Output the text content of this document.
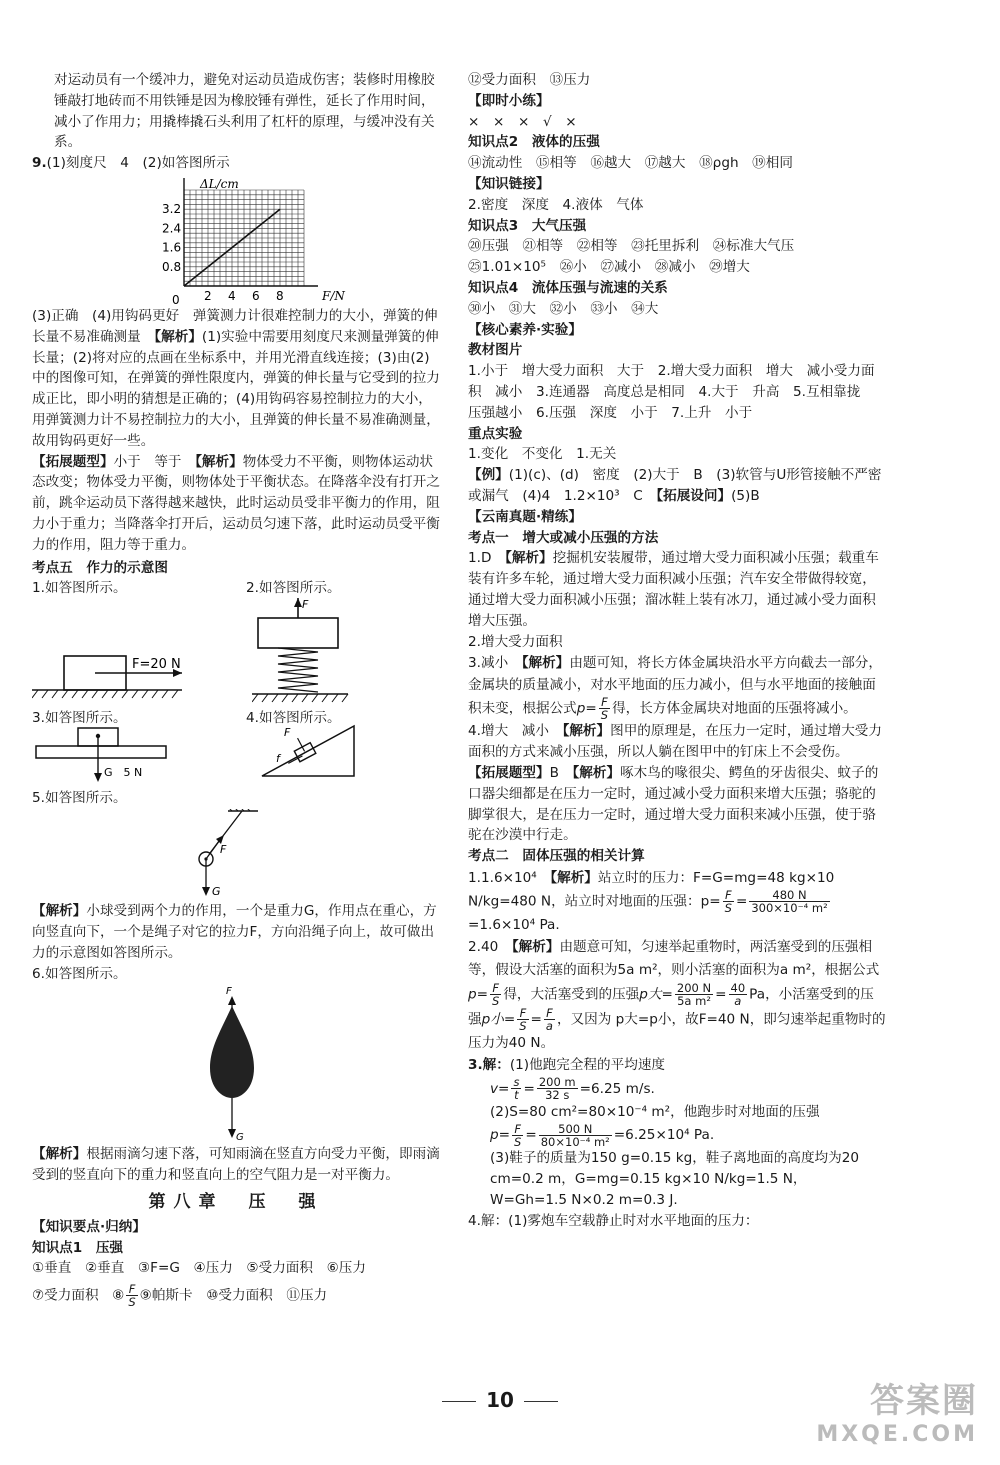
对运动员有一个缓冲力，避免对运动员造成伤害；装修时用橡胶锤敲打地砖而不用铁锤是因为橡胶锤有弹性，延长了作用时间，减小了作用力；用撬棒撬石头利用了杠杆的原理，与缓冲没有关系。

9.(1)刻度尺　4　(2)如答图所示

ΔL/cm
F/N
0 2 4 6 8
3.2
2.4
1.6
0.8

(3)正确　(4)用钩码更好　弹簧测力计很难控制力的大小，弹簧的伸长量不易准确测量　【解析】(1)实验中需要用刻度尺来测量弹簧的伸长量；(2)将对应的点画在坐标系中，并用光滑直线连接；(3)由(2)中的图像可知，在弹簧的弹性限度内，弹簧的伸长量与它受到的拉力成正比，即小明的猜想是正确的；(4)用钩码容易控制拉力的大小，用弹簧测力计不易控制拉力的大小，且弹簧的伸长量不易准确测量，故用钩码更好一些。

【拓展题型】小于　等于　【解析】物体受力不平衡，则物体运动状态改变；物体受力平衡，则物体处于平衡状态。在降落伞没有打开之前，跳伞运动员下落得越来越快，此时运动员受非平衡力的作用，阻力小于重力；当降落伞打开后，运动员匀速下落，此时运动员受平衡力的作用，阻力等于重力。

考点五　作力的示意图

1.如答图所示。	2.如答图所示。
F=20 N
F
3.如答图所示。	4.如答图所示。
G　5 N
F
f

5.如答图所示。

F
G

【解析】小球受到两个力的作用，一个是重力G，作用点在重心，方向竖直向下，一个是绳子对它的拉力F，方向沿绳子向上，故可做出力的示意图如答图所示。

6.如答图所示。

F
G

【解析】根据雨滴匀速下落，可知雨滴在竖直方向受力平衡，即雨滴受到的竖直向下的重力和竖直向上的空气阻力是一对平衡力。

第八章　压　强

【知识要点·归纳】

知识点1　压强

①垂直　②垂直　③F=G　④压力　⑤受力面积　⑥压力

⑦受力面积　⑧ $\frac{F}{S}$ ⑨帕斯卡　⑩受力面积　⑪压力

⑫受力面积　⑬压力

【即时小练】

×　×　×　√　×

知识点2　液体的压强

⑭流动性　⑮相等　⑯越大　⑰越大　⑱ρgh　⑲相同

【知识链接】

2.密度　深度　4.液体　气体

知识点3　大气压强

⑳压强　㉑相等　㉒相等　㉓托里拆利　㉔标准大气压

㉕1.01×10⁵　㉖小　㉗减小　㉘减小　㉙增大

知识点4　流体压强与流速的关系

㉚小　㉛大　㉜小　㉝小　㉞大

【核心素养·实验】

教材图片

1.小于　增大受力面积　大于　2.增大受力面积　增大　减小受力面积　减小　3.连通器　高度总是相同　4.大于　升高　5.互相靠拢　压强越小　6.压强　深度　小于　7.上升　小于

重点实验

1.变化　不变化　1.无关

【例】(1)(c)、(d)　密度　(2)大于　B　(3)软管与U形管接触不严密或漏气　(4)4　1.2×10³　C　【拓展设问】(5)B

【云南真题·精练】

考点一　增大或减小压强的方法

1.D　【解析】挖掘机安装履带，通过增大受力面积减小压强；载重车装有许多车轮，通过增大受力面积减小压强；汽车安全带做得较宽，通过增大受力面积减小压强；溜冰鞋上装有冰刀，通过减小受力面积增大压强。

2.增大受力面积

3.减小　【解析】由题可知，将长方体金属块沿水平方向截去一部分，金属块的质量减小，对水平地面的压力减小，但与水平地面的接触面积未变，根据公式$p= \frac{F}{S}$ 得，长方体金属块对地面的压强将减小。

4.增大　减小　【解析】图甲的原理是，在压力一定时，通过增大受力面积的方式来减小压强，所以人躺在图甲中的钉床上不会受伤。

【拓展题型】B　【解析】啄木鸟的喙很尖、鳄鱼的牙齿很尖、蚊子的口器尖细都是在压力一定时，通过减小受力面积来增大压强；骆驼的脚掌很大，是在压力一定时，通过增大受力面积来减小压强，使于骆驼在沙漠中行走。

考点二　固体压强的相关计算

1.1.6×10⁴　【解析】站立时的压力：F=G=mg=48 kg×10 N/kg=480 N，站立时对地面的压强：$p= \frac{F}{S} = \frac{480 N}{\text{300×10⁻⁴ m²}}$
=1.6×10⁴ Pa.

2.40　【解析】由题意可知，匀速举起重物时，两活塞受到的压强相等，假设大活塞的面积为5a m²，则小活塞的面积为a m²，根据公式$p= \frac{F}{S}$ 得，大活塞受到的压强p大= $\frac{200 N}{\text{5a m²}} = \frac{40}{a}$ Pa，小活塞受到的压强p小= $\frac{F}{S} = \frac{F}{a}$ ，又因为 p大=p小，故F=40 N，即匀速举起重物时的压力为40 N。

3.解：(1)他跑完全程的平均速度

$v= \frac{s}{t} = \frac{200 m}{32 s} =6.25$ m/s.

(2)S=80 cm²=80×10⁻⁴ m²，他跑步时对地面的压强

$p= \frac{F}{S} = \frac{500 N}{\text{80×10⁻⁴ m²}} =6.25\times 10^4$ Pa.

(3)鞋子的质量为150 g=0.15 kg，鞋子离地面的高度均为20 cm=0.2 m，G=mg=0.15 kg×10 N/kg=1.5 N，

W=Gh=1.5 N×0.2 m=0.3 J.

4.解：(1)雾炮车空载静止时对水平地面的压力：

10	答案圈
MXQE.COM
